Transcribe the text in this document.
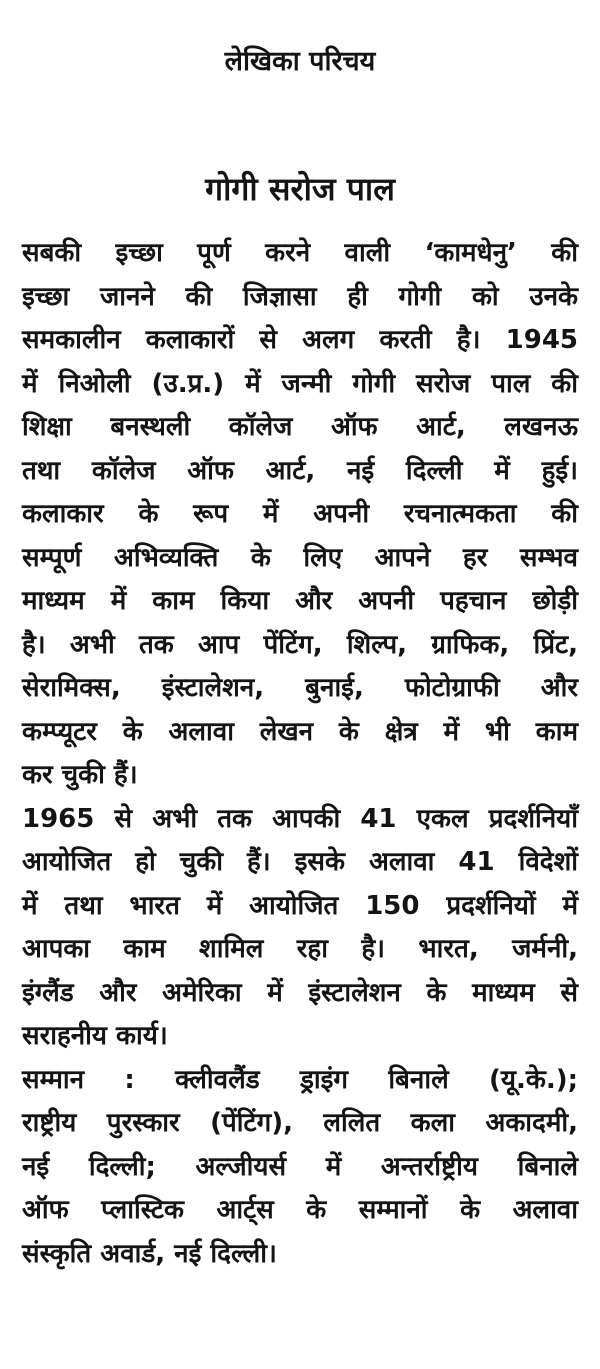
लेखिका परिचय
गोगी सरोज पाल

सबकी इच्छा पूर्ण करने वाली ‘कामधेनु’ की
इच्छा जानने की जिज्ञासा ही गोगी को उनके
समकालीन कलाकारों से अलग करती है। 1945
में निओली (उ.प्र.) में जन्मी गोगी सरोज पाल की
शिक्षा बनस्थली कॉलेज ऑफ आर्ट, लखनऊ
तथा कॉलेज ऑफ आर्ट, नई दिल्ली में हुई।
कलाकार के रूप में अपनी रचनात्मकता की
सम्पूर्ण अभिव्यक्ति के लिए आपने हर सम्भव
माध्यम में काम किया और अपनी पहचान छोड़ी
है। अभी तक आप पेंटिंग, शिल्प, ग्राफिक, प्रिंट,
सेरामिक्स, इंस्टालेशन, बुनाई, फोटोग्राफी और
कम्प्यूटर के अलावा लेखन के क्षेत्र में भी काम
कर चुकी हैं।

1965 से अभी तक आपकी 41 एकल प्रदर्शनियाँ
आयोजित हो चुकी हैं। इसके अलावा 41 विदेशों
में तथा भारत में आयोजित 150 प्रदर्शनियों में
आपका काम शामिल रहा है। भारत, जर्मनी,
इंग्लैंड और अमेरिका में इंस्टालेशन के माध्यम से
सराहनीय कार्य।

सम्मान : क्लीवलैंड ड्राइंग बिनाले (यू.के.);
राष्ट्रीय पुरस्कार (पेंटिंग), ललित कला अकादमी,
नई दिल्ली; अल्जीयर्स में अन्तर्राष्ट्रीय बिनाले
ऑफ प्लास्टिक आर्ट्स के सम्मानों के अलावा
संस्कृति अवार्ड, नई दिल्ली।
